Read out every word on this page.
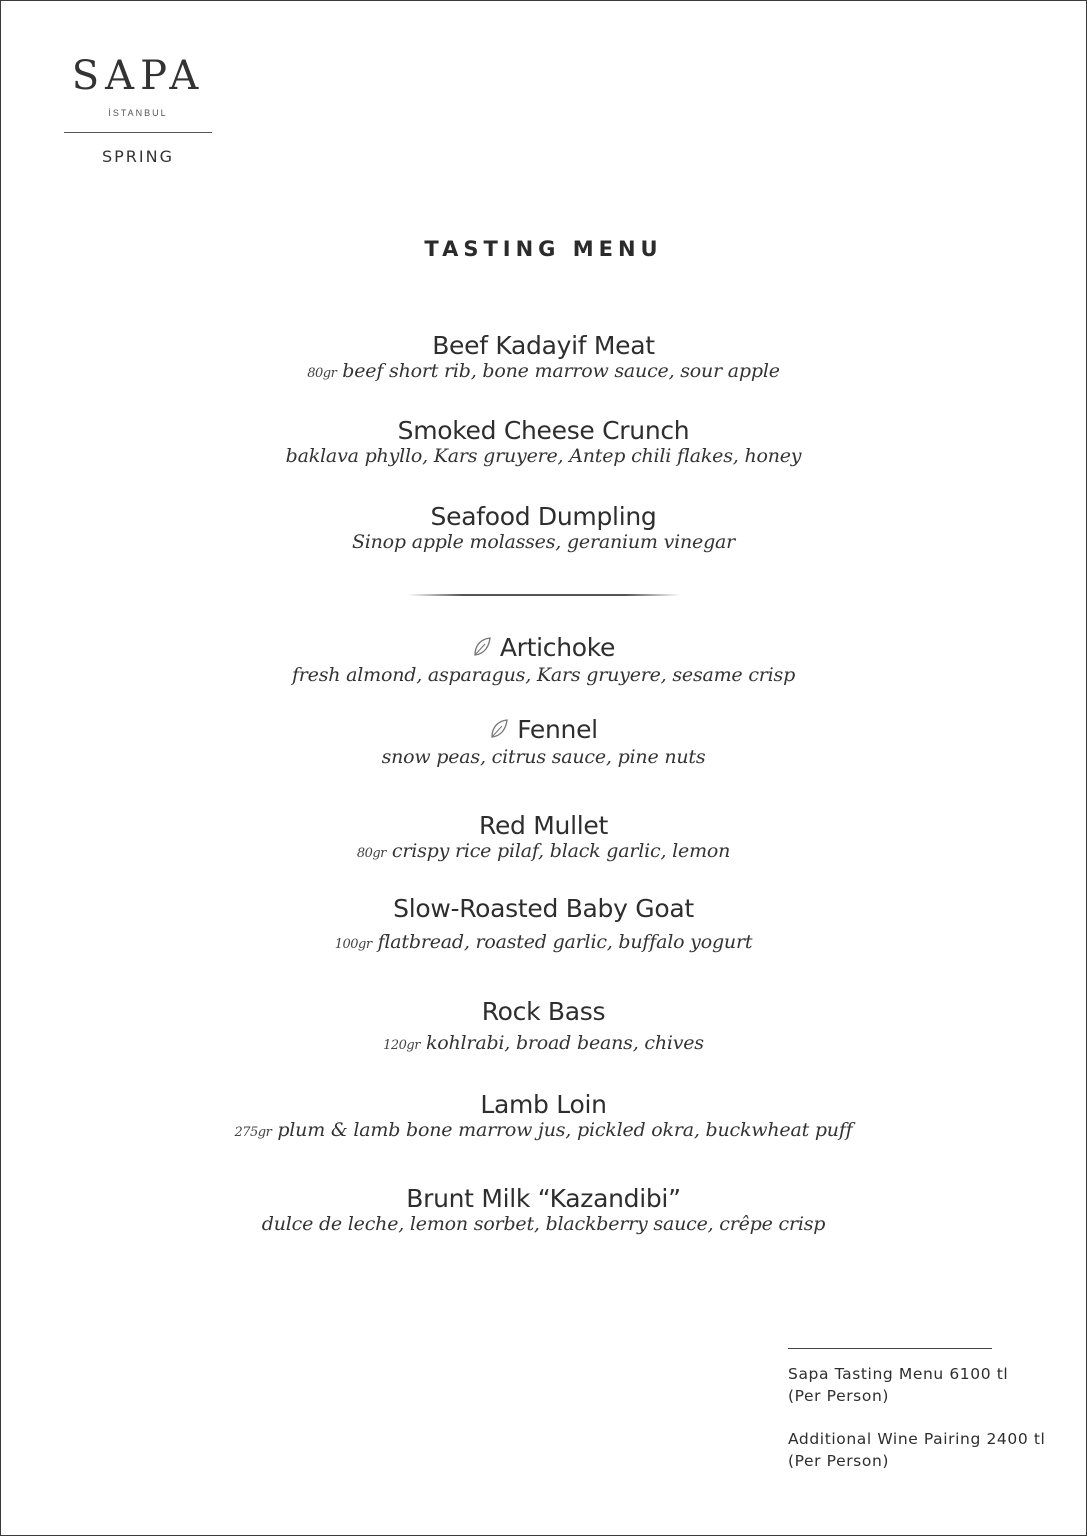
SAPA
İSTANBUL
SPRING
TASTING MENU
Beef Kadayif Meat
80gr beef short rib, bone marrow sauce, sour apple
Smoked Cheese Crunch
baklava phyllo, Kars gruyere, Antep chili flakes, honey
Seafood Dumpling
Sinop apple molasses, geranium vinegar
Artichoke
fresh almond, asparagus, Kars gruyere, sesame crisp
Fennel
snow peas, citrus sauce, pine nuts
Red Mullet
80gr crispy rice pilaf, black garlic, lemon
Slow-Roasted Baby Goat
100gr flatbread, roasted garlic, buffalo yogurt
Rock Bass
120gr kohlrabi, broad beans, chives
Lamb Loin
275gr plum & lamb bone marrow jus, pickled okra, buckwheat puff
Brunt Milk “Kazandibi”
dulce de leche, lemon sorbet, blackberry sauce, crêpe crisp
Sapa Tasting Menu 6100 tl
(Per Person)
Additional Wine Pairing 2400 tl
(Per Person)
